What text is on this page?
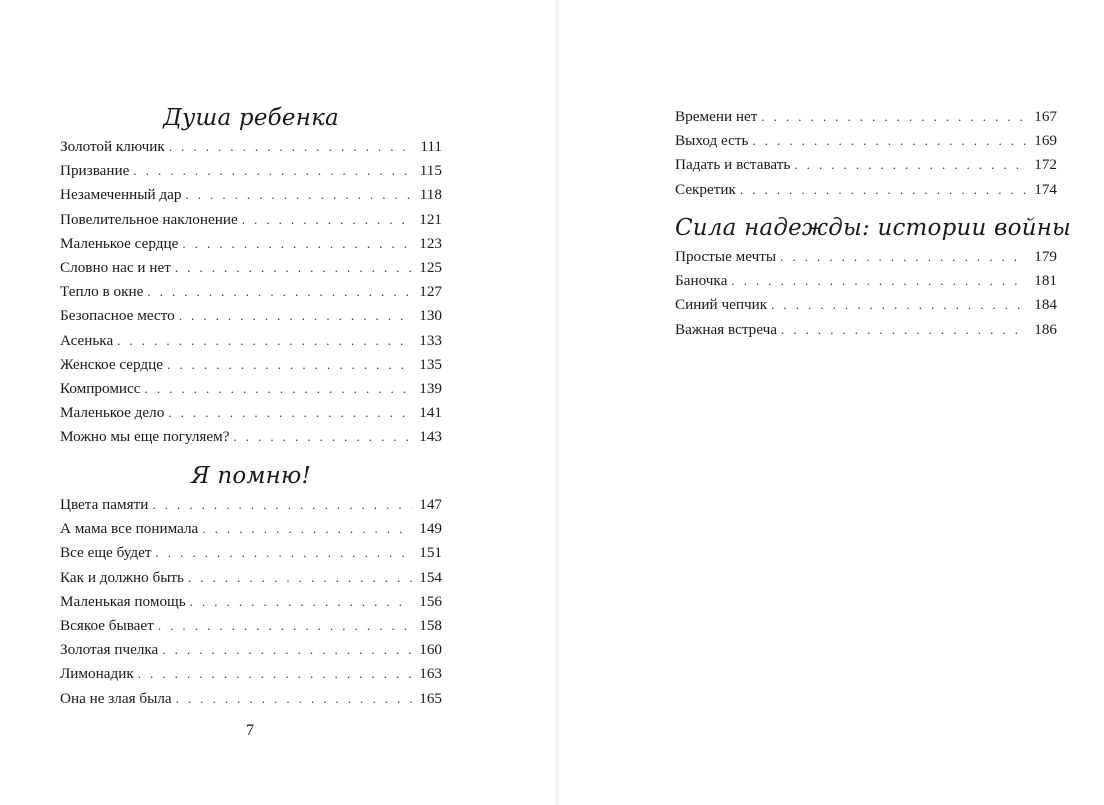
Душа ребенка
Золотой ключик . . .	111
Призвание . . .	115
Незамеченный дар . . .	118
Повелительное наклонение . . .	121
Маленькое сердце . . .	123
Словно нас и нет . . .	125
Тепло в окне . . .	127
Безопасное место . . .	130
Асенька . . .	133
Женское сердце . . .	135
Компромисс . . .	139
Маленькое дело . . .	141
Можно мы еще погуляем? . . .	143
Я помню!
Цвета памяти . . .	147
А мама все понимала . . .	149
Все еще будет . . .	151
Как и должно быть . . .	154
Маленькая помощь . . .	156
Всякое бывает . . .	158
Золотая пчелка . . .	160
Лимонадик . . .	163
Она не злая была . . .	165
7
Времени нет . . .	167
Выход есть . . .	169
Падать и вставать . . .	172
Секретик . . .	174
Сила надежды: истории войны
Простые мечты . . .	179
Баночка . . .	181
Синий чепчик . . .	184
Важная встреча . . .	186
